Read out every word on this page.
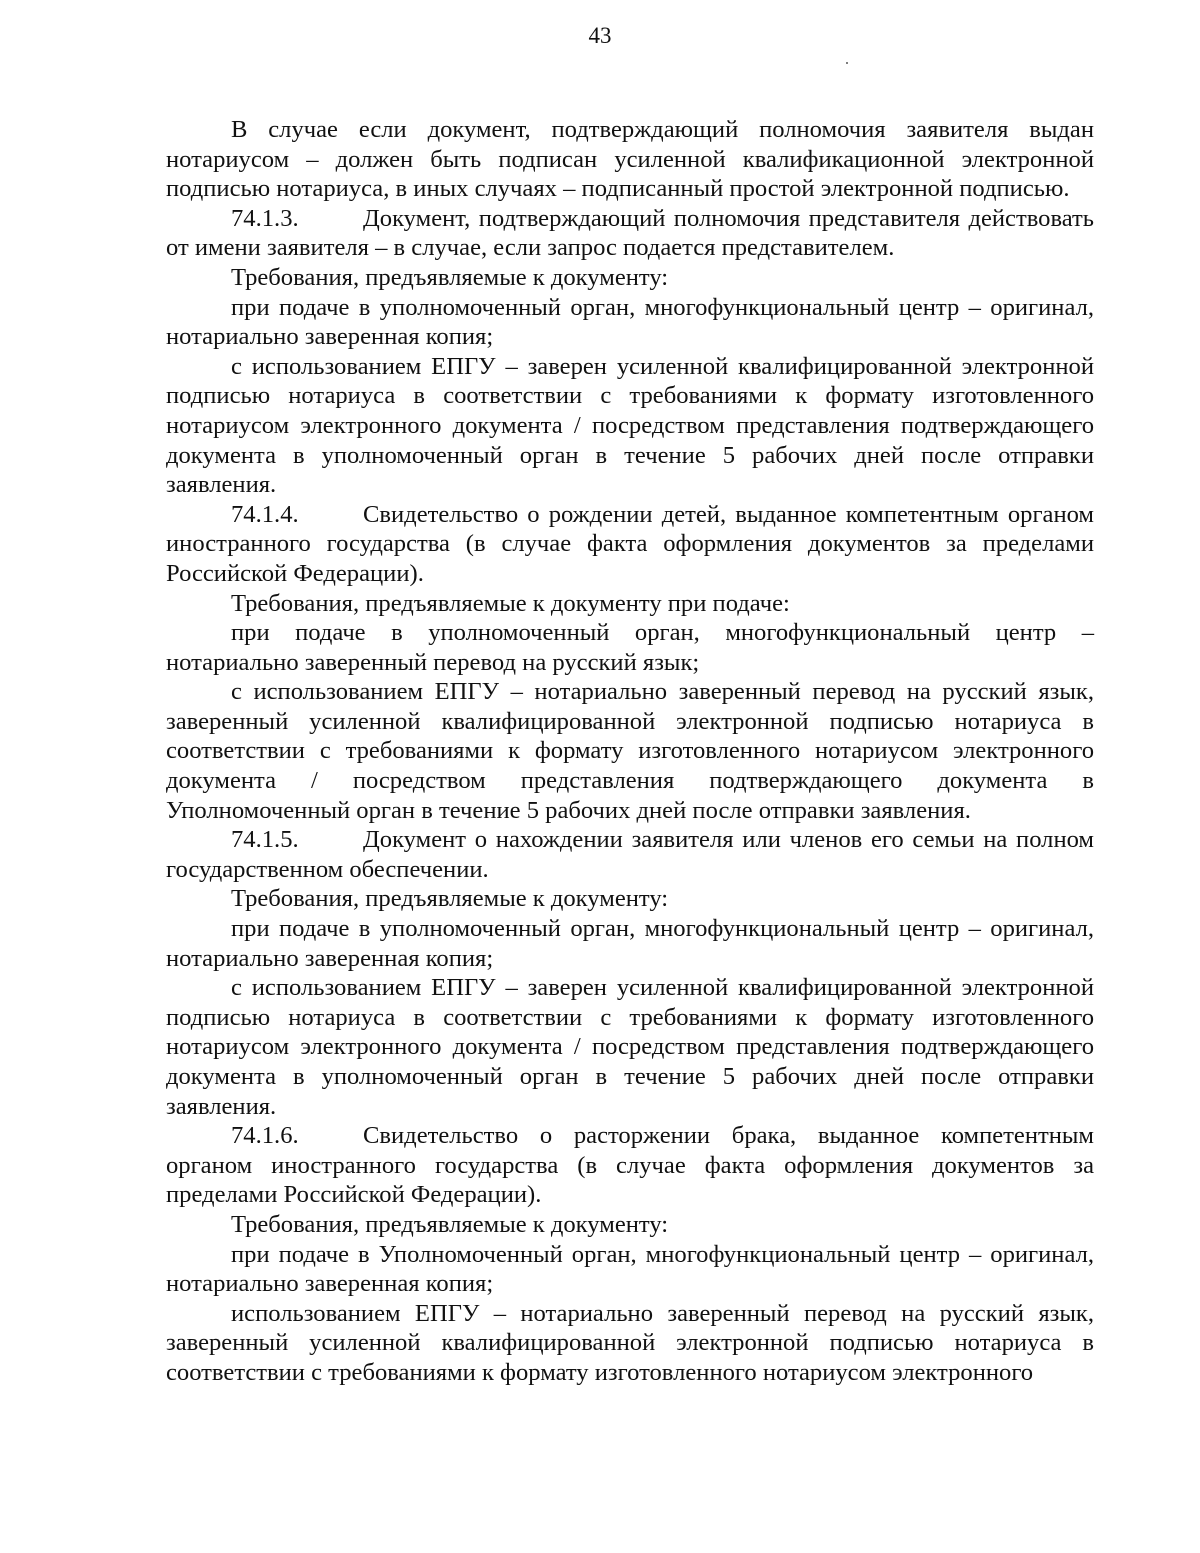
43

В случае если документ, подтверждающий полномочия заявителя выдан нотариусом – должен быть подписан усиленной квалификационной электронной подписью нотариуса, в иных случаях – подписанный простой электронной подписью.

74.1.3.	Документ, подтверждающий полномочия представителя действовать от имени заявителя – в случае, если запрос подается представителем.

Требования, предъявляемые к документу:

при подаче в уполномоченный орган, многофункциональный центр – оригинал, нотариально заверенная копия;

с использованием ЕПГУ – заверен усиленной квалифицированной электронной подписью нотариуса в соответствии с требованиями к формату изготовленного нотариусом электронного документа / посредством представления подтверждающего документа в уполномоченный орган в течение 5 рабочих дней после отправки заявления.

74.1.4.	Свидетельство о рождении детей, выданное компетентным органом иностранного государства (в случае факта оформления документов за пределами Российской Федерации).

Требования, предъявляемые к документу при подаче:

при подаче в уполномоченный орган, многофункциональный центр – нотариально заверенный перевод на русский язык;

с использованием ЕПГУ – нотариально заверенный перевод на русский язык, заверенный усиленной квалифицированной электронной подписью нотариуса в соответствии с требованиями к формату изготовленного нотариусом электронного документа / посредством представления подтверждающего документа в Уполномоченный орган в течение 5 рабочих дней после отправки заявления.

74.1.5.	Документ о нахождении заявителя или членов его семьи на полном государственном обеспечении.

Требования, предъявляемые к документу:

при подаче в уполномоченный орган, многофункциональный центр – оригинал, нотариально заверенная копия;

с использованием ЕПГУ – заверен усиленной квалифицированной электронной подписью нотариуса в соответствии с требованиями к формату изготовленного нотариусом электронного документа / посредством представления подтверждающего документа в уполномоченный орган в течение 5 рабочих дней после отправки заявления.

74.1.6.	Свидетельство о расторжении брака, выданное компетентным органом иностранного государства (в случае факта оформления документов за пределами Российской Федерации).

Требования, предъявляемые к документу:

при подаче в Уполномоченный орган, многофункциональный центр – оригинал, нотариально заверенная копия;

использованием ЕПГУ – нотариально заверенный перевод на русский язык, заверенный усиленной квалифицированной электронной подписью нотариуса в соответствии с требованиями к формату изготовленного нотариусом электронного
